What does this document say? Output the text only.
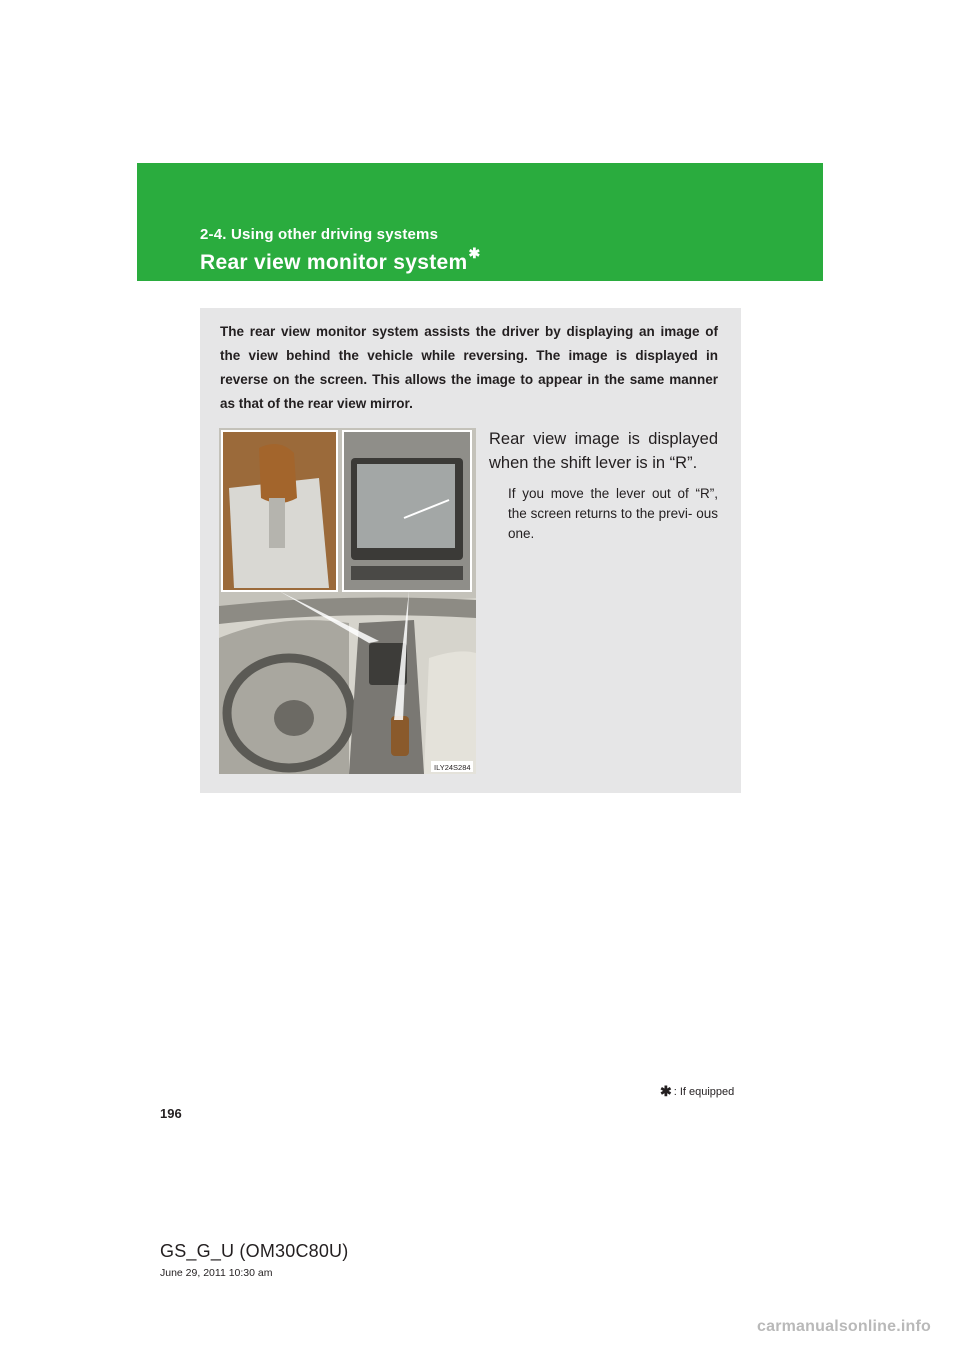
2-4. Using other driving systems
Rear view monitor system✱

The rear view monitor system assists the driver by displaying an image of the view behind the vehicle while reversing. The image is displayed in reverse on the screen. This allows the image to appear in the same manner as that of the rear view mirror.

ILY24S284

Rear view image is displayed when the shift lever is in “R”.

If you move the lever out of “R”, the screen returns to the previ- ous one.

✱ : If equipped
196
GS_G_U (OM30C80U)
June 29, 2011 10:30 am
carmanualsonline.info
